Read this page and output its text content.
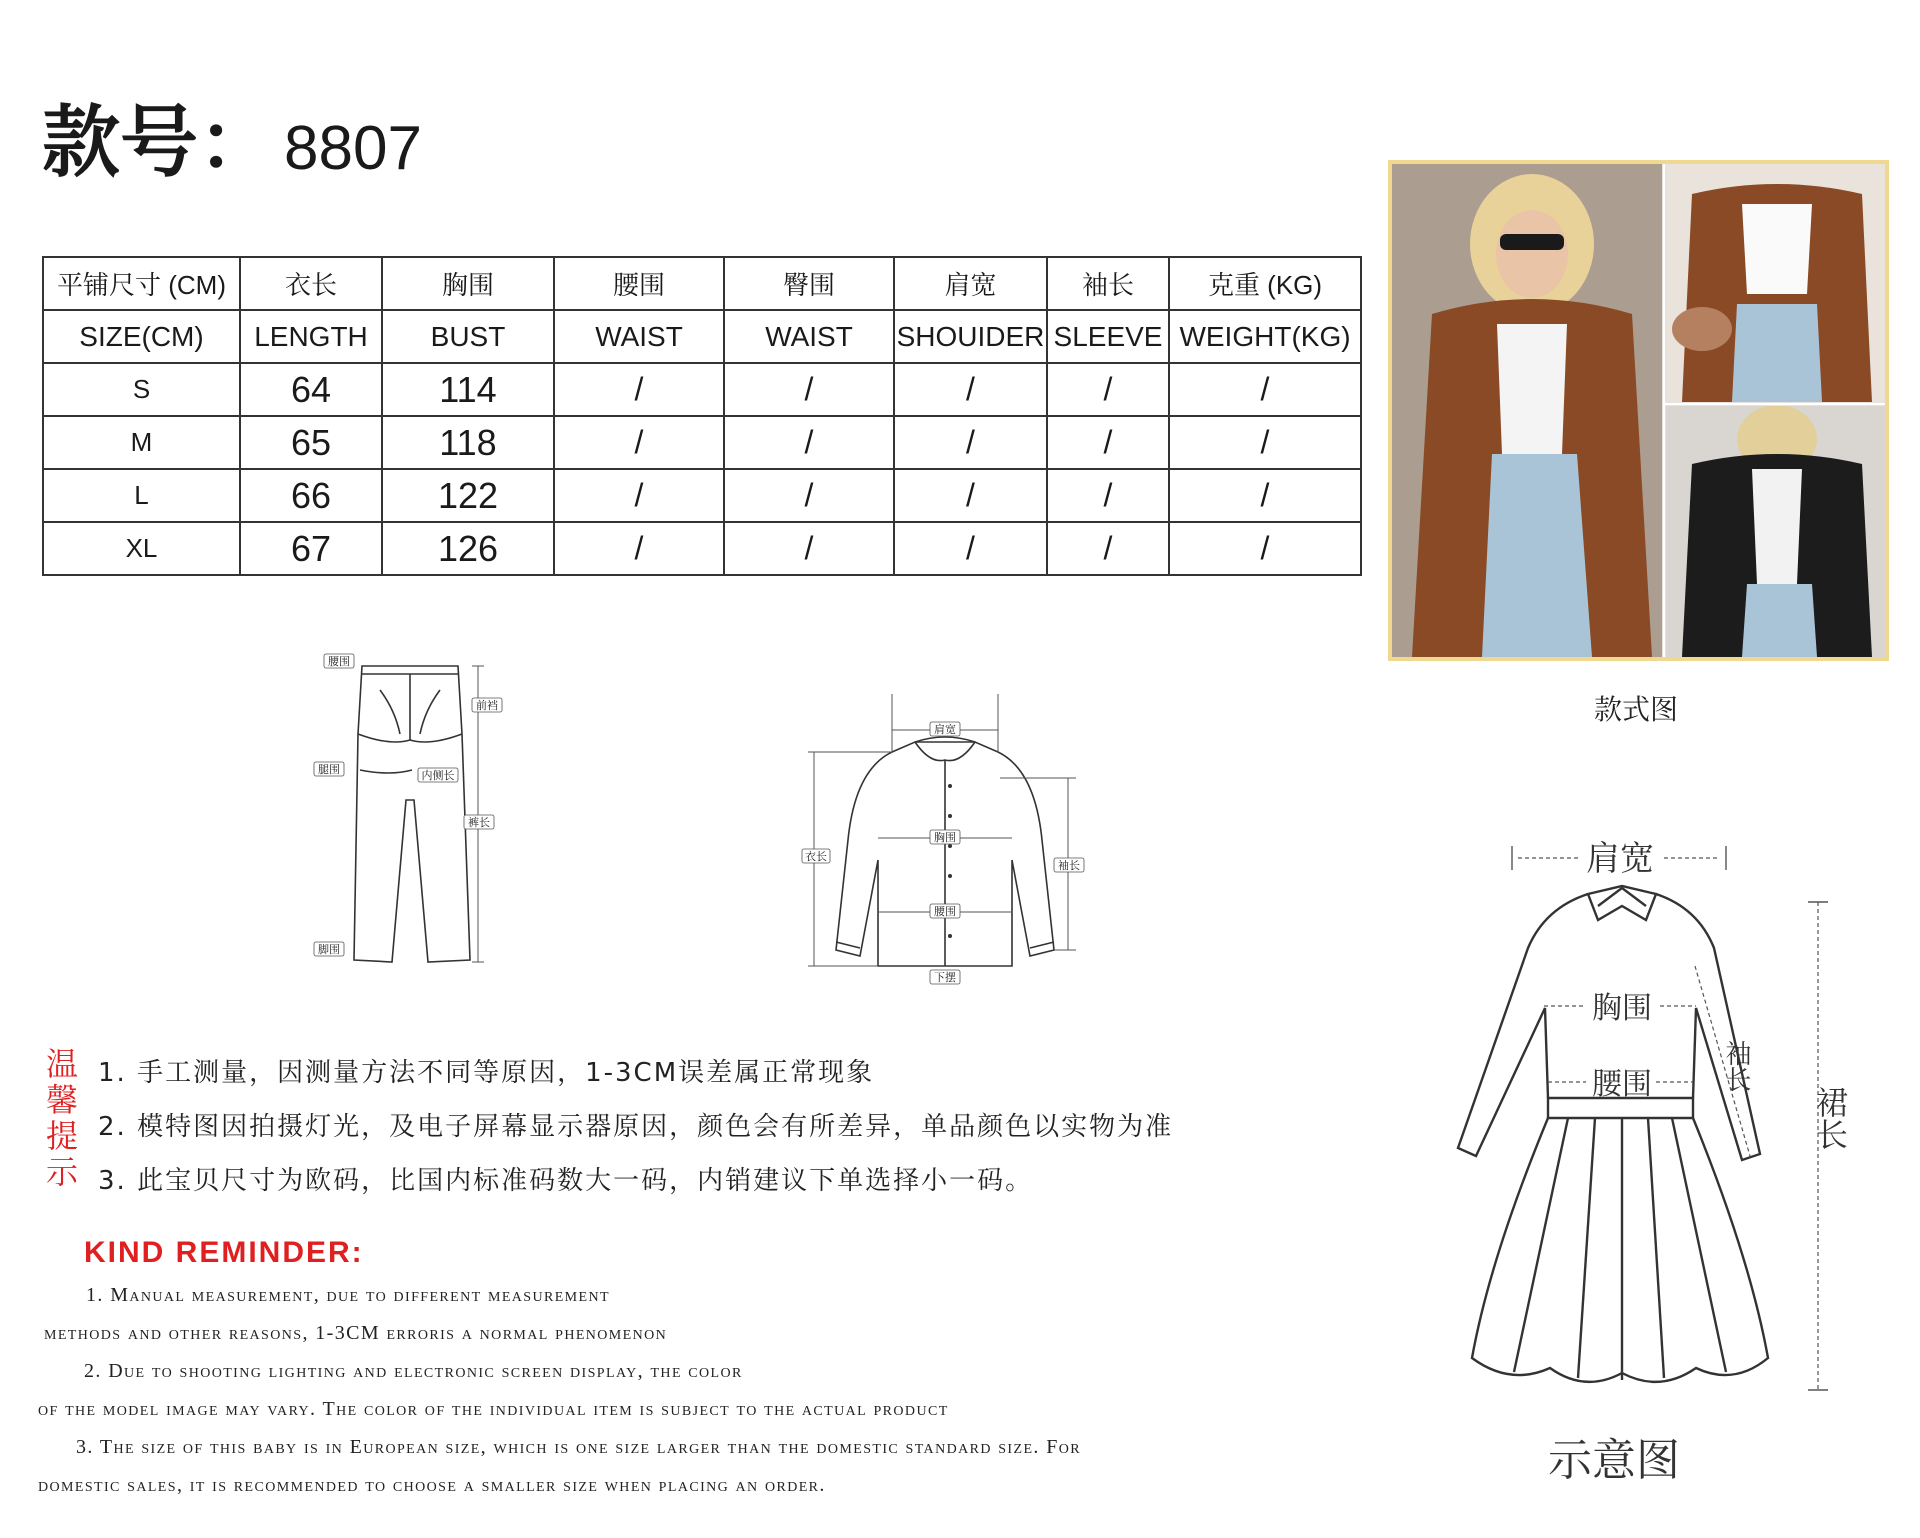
款号： 8807
平铺尺寸 (CM)	衣长	胸围	腰围	臀围	肩宽	袖长	克重 (KG)
SIZE(CM)	LENGTH	BUST	WAIST	WAIST	SHOUIDER	SLEEVE	WEIGHT(KG)
S	64	114	/	/	/	/	/
M	65	118	/	/	/	/	/
L	66	122	/	/	/	/	/
XL	67	126	/	/	/	/	/
款式图
腰围
前裆
腿围	内侧长
裤长
脚围
肩宽
胸围
衣长
袖长
腰围
下摆
肩宽
胸围
腰围	袖长
裙长
示意图
温
馨
提
示
1. 手工测量，因测量方法不同等原因，1-3CM误差属正常现象
2. 模特图因拍摄灯光，及电子屏幕显示器原因，颜色会有所差异，单品颜色以实物为准
3. 此宝贝尺寸为欧码，比国内标准码数大一码，内销建议下单选择小一码。
KIND REMINDER:
1. Manual measurement, due to different measurement
methods and other reasons, 1-3CM erroris a normal phenomenon
2. Due to shooting lighting and electronic screen display, the color
of the model image may vary. The color of the individual item is subject to the actual product
3. The size of this baby is in European size, which is one size larger than the domestic standard size. For
domestic sales, it is recommended to choose a smaller size when placing an order.
